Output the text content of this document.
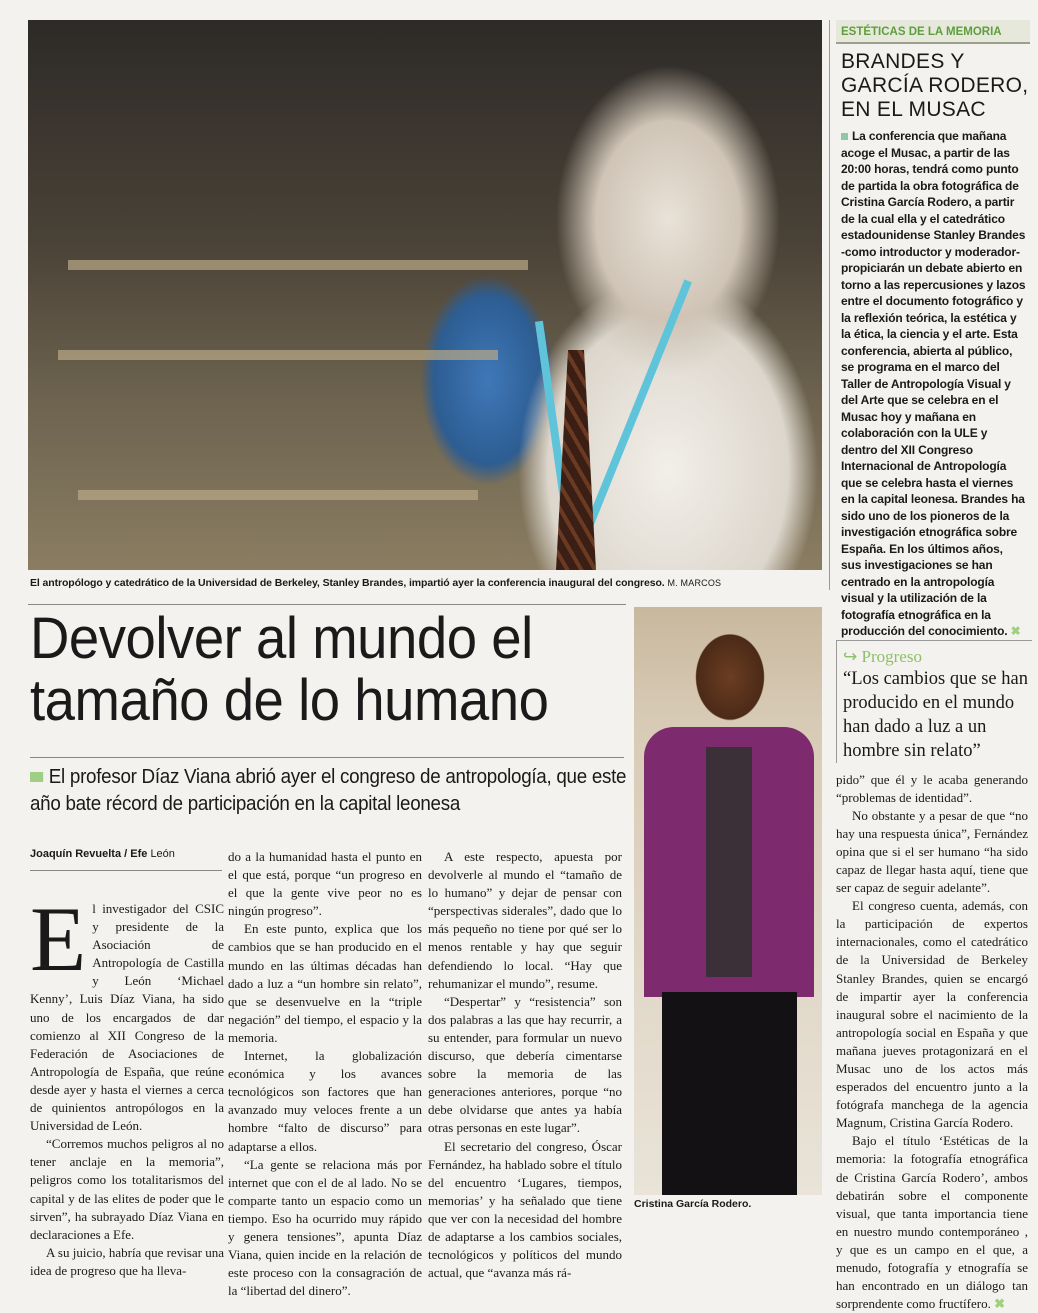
El antropólogo y catedrático de la Universidad de Berkeley, Stanley Brandes, impartió ayer la conferencia inaugural del congreso. M. MARCOS
ESTÉTICAS DE LA MEMORIA
BRANDES Y
GARCÍA RODERO,
EN EL MUSAC
La conferencia que mañana acoge el Musac, a partir de las 20:00 horas, tendrá como punto de partida la obra fotográfica de Cristina García Rodero, a partir de la cual ella y el catedrático estadounidense Stanley Brandes -como introductor y moderador- propiciarán un debate abierto en torno a las repercusiones y lazos entre el documento fotográfico y la reflexión teórica, la estética y la ética, la ciencia y el arte. Esta conferencia, abierta al público, se programa en el marco del Taller de Antropología Visual y del Arte que se celebra en el Musac hoy y mañana en colaboración con la ULE y dentro del XII Congreso Internacional de Antropología que se celebra hasta el viernes en la capital leonesa. Brandes ha sido uno de los pioneros de la investigación etnográfica sobre España. En los últimos años, sus investigaciones se han centrado en la antropología visual y la utilización de la fotografía etnográfica en la producción del conocimiento. ✖
↪ Progreso
“Los cambios que se han producido en el mundo han dado a luz a un hombre sin relato”

pido” que él y le acaba generando “problemas de identidad”.

No obstante y a pesar de que “no hay una respuesta única”, Fernández opina que si el ser humano “ha sido capaz de llegar hasta aquí, tiene que ser capaz de seguir adelante”.

El congreso cuenta, además, con la participación de expertos internacionales, como el catedrático de la Universidad de Berkeley Stanley Brandes, quien se encargó de impartir ayer la conferencia inaugural sobre el nacimiento de la antropología social en España y que mañana jueves protagonizará en el Musac uno de los actos más esperados del encuentro junto a la fotógrafa manchega de la agencia Magnum, Cristina García Rodero.

Bajo el título ‘Estéticas de la memoria: la fotografía etnográfica de Cristina García Rodero’, ambos debatirán sobre el componente visual, que tanta importancia tiene en nuestro mundo contemporáneo , y que es un campo en el que, a menudo, fotografía y etnografía se han encontrado en un diálogo tan sorprendente como fructífero. ✖

Devolver al mundo el
tamaño de lo humano
El profesor Díaz Viana abrió ayer el congreso de antropología, que este año bate récord de participación en la capital leonesa
Joaquín Revuelta / Efe León

El investigador del CSIC y presidente de la Asociación de Antropología de Castilla y León ‘Michael Kenny’, Luis Díaz Viana, ha sido uno de los encargados de dar comienzo al XII Congreso de la Federación de Asociaciones de Antropología de España, que reúne desde ayer y hasta el viernes a cerca de quinientos antropólogos en la Universidad de León.

“Corremos muchos peligros al no tener anclaje en la memoria”, peligros como los totalitarismos del capital y de las elites de poder que le sirven”, ha subrayado Díaz Viana en declaraciones a Efe.

A su juicio, habría que revisar una idea de progreso que ha lleva-

do a la humanidad hasta el punto en el que está, porque “un progreso en el que la gente vive peor no es ningún progreso”.

En este punto, explica que los cambios que se han producido en el mundo en las últimas décadas han dado a luz a “un hombre sin relato”, que se desenvuelve en la “triple negación” del tiempo, el espacio y la memoria.

Internet, la globalización económica y los avances tecnológicos son factores que han avanzado muy veloces frente a un hombre “falto de discurso” para adaptarse a ellos.

“La gente se relaciona más por internet que con el de al lado. No se comparte tanto un espacio como un tiempo. Eso ha ocurrido muy rápido y genera tensiones”, apunta Díaz Viana, quien incide en la relación de este proceso con la consagración de la “libertad del dinero”.

A este respecto, apuesta por devolverle al mundo el “tamaño de lo humano” y dejar de pensar con “perspectivas siderales”, dado que lo más pequeño no tiene por qué ser lo menos rentable y hay que seguir defendiendo lo local. “Hay que rehumanizar el mundo”, resume.

“Despertar” y “resistencia” son dos palabras a las que hay recurrir, a su entender, para formular un nuevo discurso, que debería cimentarse sobre la memoria de las generaciones anteriores, porque “no debe olvidarse que antes ya había otras personas en este lugar”.

El secretario del congreso, Óscar Fernández, ha hablado sobre el título del encuentro ‘Lugares, tiempos, memorias’ y ha señalado que tiene que ver con la necesidad del hombre de adaptarse a los cambios sociales, tecnológicos y políticos del mundo actual, que “avanza más rá-

Cristina García Rodero.
